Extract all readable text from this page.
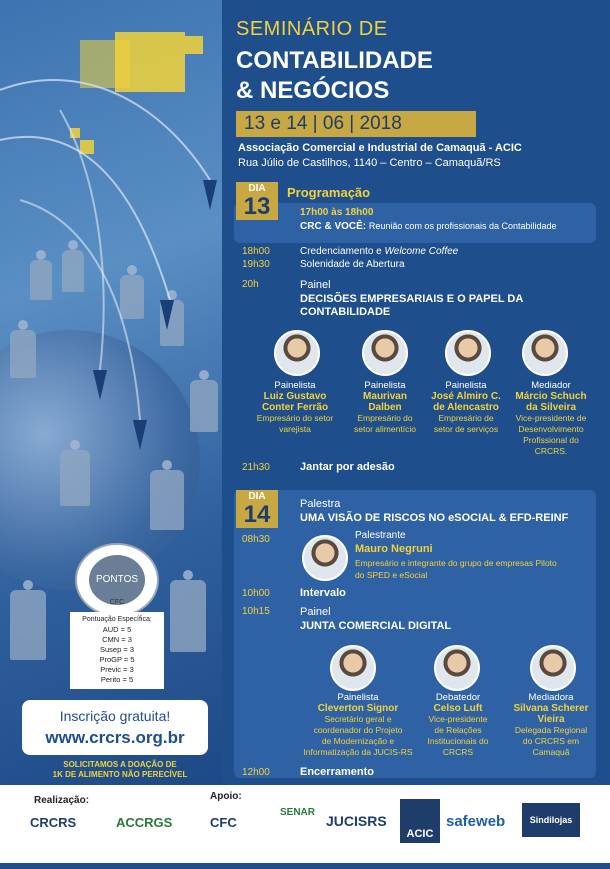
PONTOS
CFC
Pontuação Específica:
AUD = 5
CMN = 3
Susep = 3
ProGP = 5
Previc = 3
Perito = 5
Inscrição gratuita!
www.crcrs.org.br
SOLICITAMOS A DOAÇÃO DE
1K DE ALIMENTO NÃO PERECÍVEL
SEMINÁRIO DE
CONTABILIDADE
& NEGÓCIOS
13 e 14 | 06 | 2018
Associação Comercial e Industrial de Camaquã - ACIC
Rua Júlio de Castilhos, 1140 – Centro – Camaquã/RS
Programação
DIA
13	17h00 às 18h00
CRC & VOCÊ: Reunião com os profissionais da Contabilidade
18h00	Credenciamento e Welcome Coffee
19h30	Solenidade de Abertura
20h	Painel
DECISÕES EMPRESARIAIS E O PAPEL DA
CONTABILIDADE
Painelista
Luiz Gustavo
Conter Ferrão
Empresário do setor
varejista
Painelista
Maurivan
Dalben
Empresário do
setor alimentício
Painelista
José Almiro C.
de Alencastro
Empresário de
setor de serviços
Mediador
Márcio Schuch
da Silveira
Vice-presidente de
Desenvolvimento
Profissional do
CRCRS.
21h30	Jantar por adesão
DIA
14	Palestra
UMA VISÃO DE RISCOS NO eSOCIAL & EFD-REINF
08h30	Palestrante
Mauro Negruni
Empresário e integrante do grupo de empresas Piloto
do SPED e eSocial
10h00	Intervalo
10h15	Painel
JUNTA COMERCIAL DIGITAL
Painelista
Cleverton Signor
Secretário geral e
coordenador do Projeto
de Modernização e
Informatização da JUCIS-RS
Debatedor
Celso Luft
Vice-presidente
de Relações
Institucionais do
CRCRS
Mediadora
Silvana Scherer
Vieira
Delegada Regional
do CRCRS em
Camaquã
12h00	Encerramento
Realização:	Apoio:
CRCRS	ACCRGS	CFC
SENAR
JUCISRS
ACIC
safeweb	Sindilojas
